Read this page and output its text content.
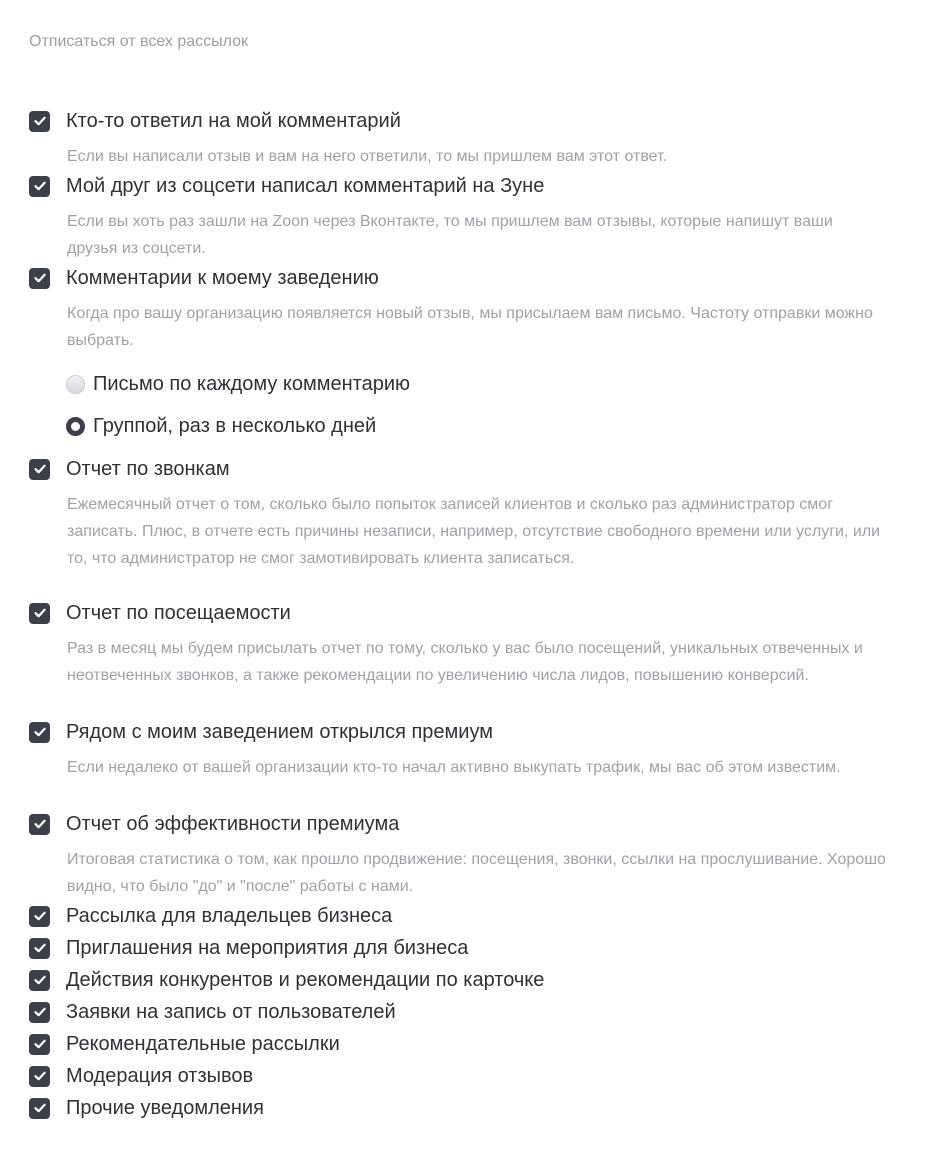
Отписаться от всех рассылок
Кто-то ответил на мой комментарий
Если вы написали отзыв и вам на него ответили, то мы пришлем вам этот ответ.
Мой друг из соцсети написал комментарий на Зуне
Если вы хоть раз зашли на Zoon через Вконтакте, то мы пришлем вам отзывы, которые напишут ваши друзья из соцсети.
Комментарии к моему заведению
Когда про вашу организацию появляется новый отзыв, мы присылаем вам письмо. Частоту отправки можно выбрать.
Письмо по каждому комментарию
Группой, раз в несколько дней
Отчет по звонкам
Ежемесячный отчет о том, сколько было попыток записей клиентов и сколько раз администратор смог записать. Плюс, в отчете есть причины незаписи, например, отсутствие свободного времени или услуги, или то, что администратор не смог замотивировать клиента записаться.
Отчет по посещаемости
Раз в месяц мы будем присылать отчет по тому, сколько у вас было посещений, уникальных отвеченных и неотвеченных звонков, а также рекомендации по увеличению числа лидов, повышению конверсий.
Рядом с моим заведением открылся премиум
Если недалеко от вашей организации кто-то начал активно выкупать трафик, мы вас об этом известим.
Отчет об эффективности премиума
Итоговая статистика о том, как прошло продвижение: посещения, звонки, ссылки на прослушивание. Хорошо видно, что было "до" и "после" работы с нами.
Рассылка для владельцев бизнеса
Приглашения на мероприятия для бизнеса
Действия конкурентов и рекомендации по карточке
Заявки на запись от пользователей
Рекомендательные рассылки
Модерация отзывов
Прочие уведомления
